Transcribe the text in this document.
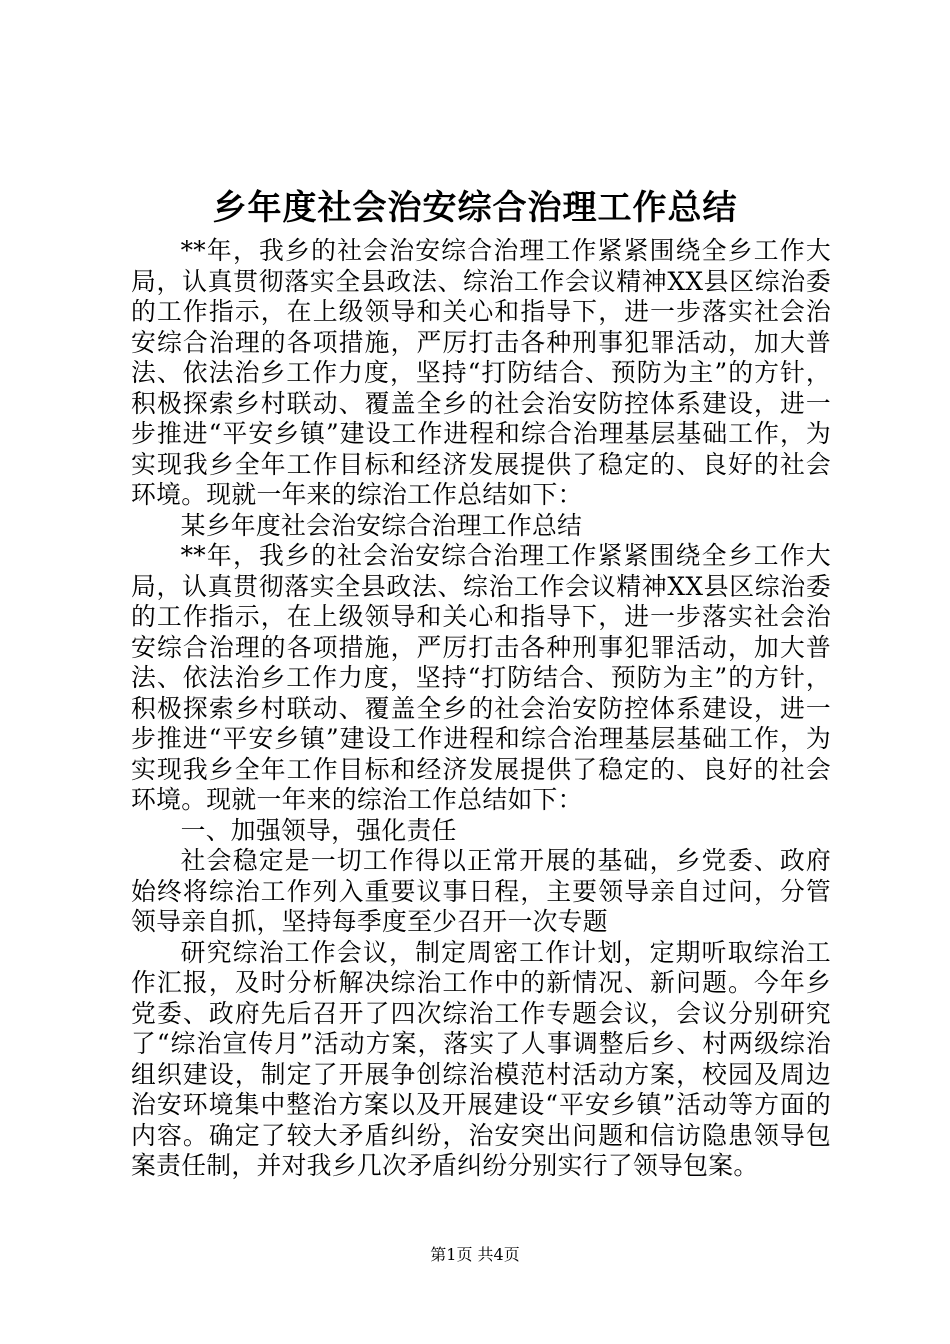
乡年度社会治安综合治理工作总结

**年，我乡的社会治安综合治理工作紧紧围绕全乡工作大局，认真贯彻落实全县政法、综治工作会议精神XX县区综治委的工作指示，在上级领导和关心和指导下，进一步落实社会治安综合治理的各项措施，严厉打击各种刑事犯罪活动，加大普法、依法治乡工作力度，坚持“打防结合、预防为主”的方针，积极探索乡村联动、覆盖全乡的社会治安防控体系建设，进一步推进“平安乡镇”建设工作进程和综合治理基层基础工作，为实现我乡全年工作目标和经济发展提供了稳定的、良好的社会环境。现就一年来的综治工作总结如下：

某乡年度社会治安综合治理工作总结

**年，我乡的社会治安综合治理工作紧紧围绕全乡工作大局，认真贯彻落实全县政法、综治工作会议精神XX县区综治委的工作指示，在上级领导和关心和指导下，进一步落实社会治安综合治理的各项措施，严厉打击各种刑事犯罪活动，加大普法、依法治乡工作力度，坚持“打防结合、预防为主”的方针，积极探索乡村联动、覆盖全乡的社会治安防控体系建设，进一步推进“平安乡镇”建设工作进程和综合治理基层基础工作，为实现我乡全年工作目标和经济发展提供了稳定的、良好的社会环境。现就一年来的综治工作总结如下：

一、加强领导，强化责任

社会稳定是一切工作得以正常开展的基础，乡党委、政府始终将综治工作列入重要议事日程，主要领导亲自过问，分管领导亲自抓，坚持每季度至少召开一次专题

研究综治工作会议，制定周密工作计划，定期听取综治工作汇报，及时分析解决综治工作中的新情况、新问题。今年乡党委、政府先后召开了四次综治工作专题会议，会议分别研究了“综治宣传月”活动方案，落实了人事调整后乡、村两级综治组织建设，制定了开展争创综治模范村活动方案，校园及周边治安环境集中整治方案以及开展建设“平安乡镇”活动等方面的内容。确定了较大矛盾纠纷，治安突出问题和信访隐患领导包案责任制，并对我乡几次矛盾纠纷分别实行了领导包案。

第1页 共4页
